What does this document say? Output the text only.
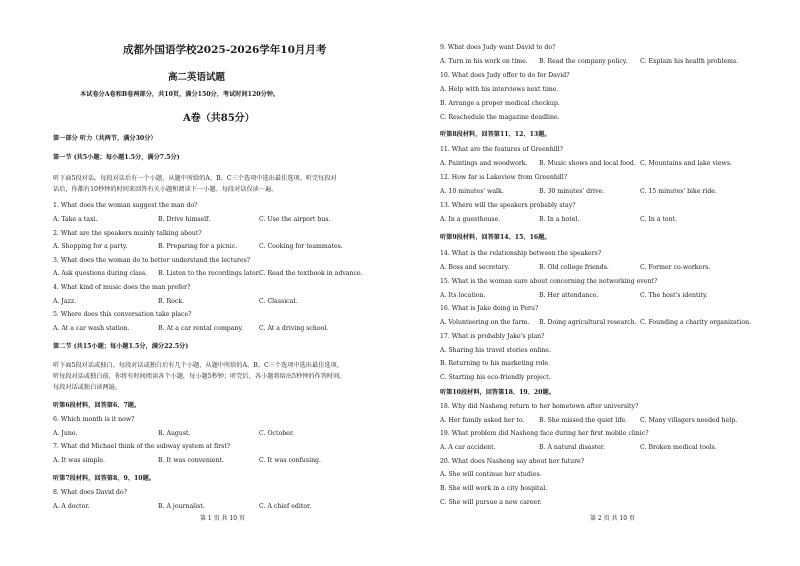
成都外国语学校2025-2026学年10月月考
高二英语试题
本试卷分A卷和B卷两部分，共10页，满分150分，考试时间120分钟。
A卷（共85分）
第一部分 听力（共两节，满分30分）
第一节 (共5小题；每小题1.5分，满分7.5分)
听下面5段对话。每段对话后有一个小题，从题中所给的A、B、C三个选项中选出最佳选项。听完每段对
话后，你都有10秒钟的时间来回答有关小题和阅读下一小题。每段对话仅读一遍。
1. What does the woman suggest the man do?
A. Take a taxi.	B. Drive himself.	C. Use the airport bus.
2. What are the speakers mainly talking about?
A. Shopping for a party.	B. Preparing for a picnic.	C. Cooking for teammates.
3. What does the woman do to better understand the lectures?
A. Ask questions during class. B. Listen to the recordings later. C. Read the textbook in advance.
4. What kind of music does the man prefer?
A. Jazz.	B. Rock.	C. Classical.
5. Where does this conversation take place?
A. At a car wash station.	B. At a car rental company.	C. At a driving school.
第二节 (共15小题；每小题1.5分，满分22.5分)
听下面5段对话或独白。每段对话或独白后有几个小题，从题中所给的A、B、C三个选项中选出最佳选项。
听每段对话或独白前，你将有时间阅读各个小题，每小题5秒钟；听完后，各小题将给出5秒钟的作答时间。
每段对话或独白读两遍。
听第6段材料，回答第6、7题。
6. Which month is it now?
A. June.	B. August.	C. October.
7. What did Michael think of the subway system at first?
A. It was simple.	B. It was convenient.	C. It was confusing.
听第7段材料，回答第8、9、10题。
8. What does David do?
A. A doctor.	B. A journalist.	C. A chief editor.
第 1 页 共 10 页
9. What does Judy want David to do?
A. Turn in his work on time. B. Read the company policy. C. Explain his health problems.
10. What does Judy offer to do for David?
A. Help with his interviews next time.
B. Arrange a proper medical checkup.
C. Reschedule the magazine deadline.
听第8段材料，回答第11、12、13题。
11. What are the features of Greenhill?
A. Paintings and woodwork. B. Music shows and local food. C. Mountains and lake views.
12. How far is Lakeview from Greenhill?
A. 10 minutes' walk.	B. 30 minutes' drive.	C. 15 minutes' bike ride.
13. Where will the speakers probably stay?
A. In a guesthouse.	B. In a hotel.	C. In a tent.
听第9段材料，回答第14、15、16题。
14. What is the relationship between the speakers?
A. Boss and secretary.	B. Old college friends.	C. Former co-workers.
15. What is the woman sure about concerning the networking event?
A. Its location.	B. Her attendance.	C. The host's identity.
16. What is Jake doing in Peru?
A. Volunteering on the farm. B. Doing agricultural research. C. Founding a charity organization.
17. What is probably Jake's plan?
A. Sharing his travel stories online.
B. Returning to his marketing role.
C. Starting his eco-friendly project.
听第10段材料，回答第18、19、20题。
18. Why did Nasheng return to her hometown after university?
A. Her family asked her to. B. She missed the quiet life. C. Many villagers needed help.
19. What problem did Nasheng face during her first mobile clinic?
A. A car accident.	B. A natural disaster.	C. Broken medical tools.
20. What does Nasheng say about her future?
A. She will continue her studies.
B. She will work in a city hospital.
C. She will pursue a new career.
第 2 页 共 10 页
